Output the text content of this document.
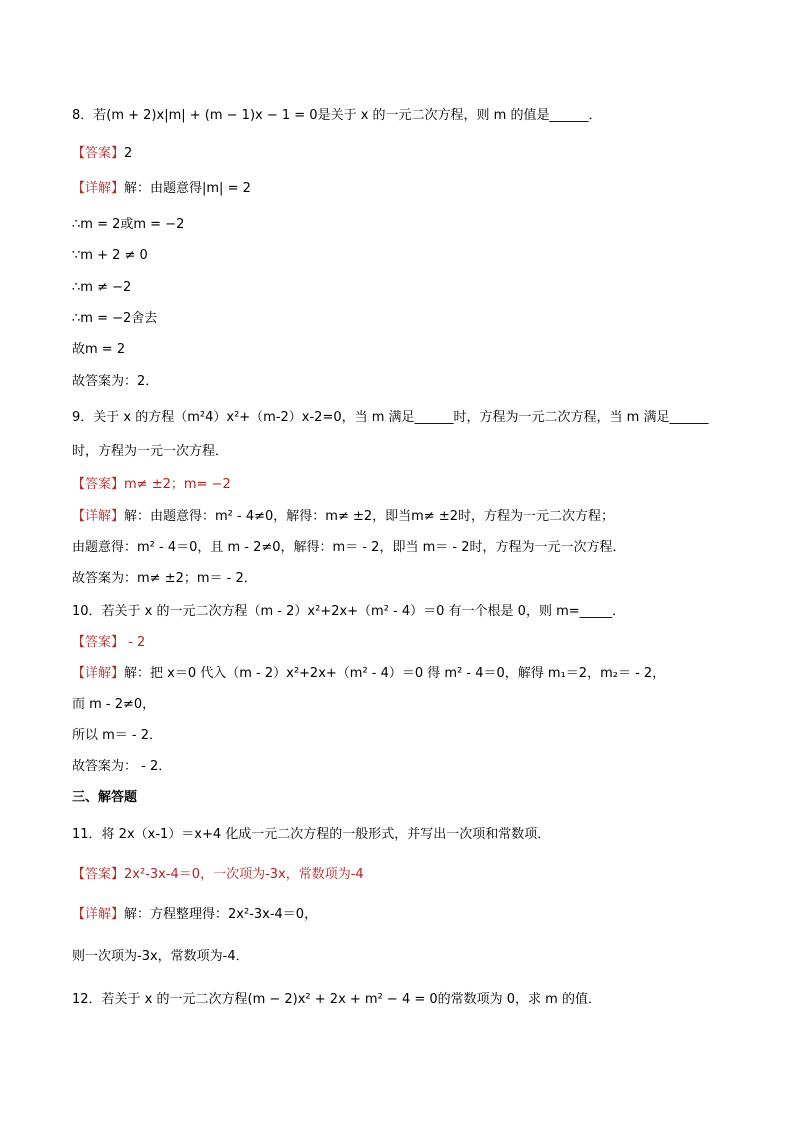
8．若(m + 2)x|m| + (m − 1)x − 1 = 0是关于 x 的一元二次方程，则 m 的值是______．
【答案】2
【详解】解：由题意得|m| = 2
∴m = 2或m = −2
∵m + 2 ≠ 0
∴m ≠ −2
∴m = −2舍去
故m = 2
故答案为：2．
9．关于 x 的方程（m²4）x²+（m-2）x-2=0，当 m 满足______时，方程为一元二次方程，当 m 满足______
时，方程为一元一次方程．
【答案】m≠ ±2；m= −2
【详解】解：由题意得：m² - 4≠0，解得：m≠ ±2，即当m≠ ±2时，方程为一元二次方程；
由题意得：m² - 4＝0，且 m - 2≠0，解得：m＝ - 2，即当 m＝ - 2时，方程为一元一次方程．
故答案为：m≠ ±2；m＝ - 2．
10．若关于 x 的一元二次方程（m - 2）x²+2x+（m² - 4）＝0 有一个根是 0，则 m=_____．
【答案】 - 2
【详解】解：把 x＝0 代入（m - 2）x²+2x+（m² - 4）＝0 得 m² - 4＝0，解得 m₁＝2，m₂＝ - 2，
而 m - 2≠0，
所以 m＝ - 2．
故答案为： - 2．
三、解答题
11．将 2x（x-1）＝x+4 化成一元二次方程的一般形式，并写出一次项和常数项．
【答案】2x²-3x-4＝0，一次项为-3x，常数项为-4
【详解】解：方程整理得：2x²-3x-4＝0，
则一次项为-3x，常数项为-4．
12．若关于 x 的一元二次方程(m − 2)x² + 2x + m² − 4 = 0的常数项为 0，求 m 的值．
